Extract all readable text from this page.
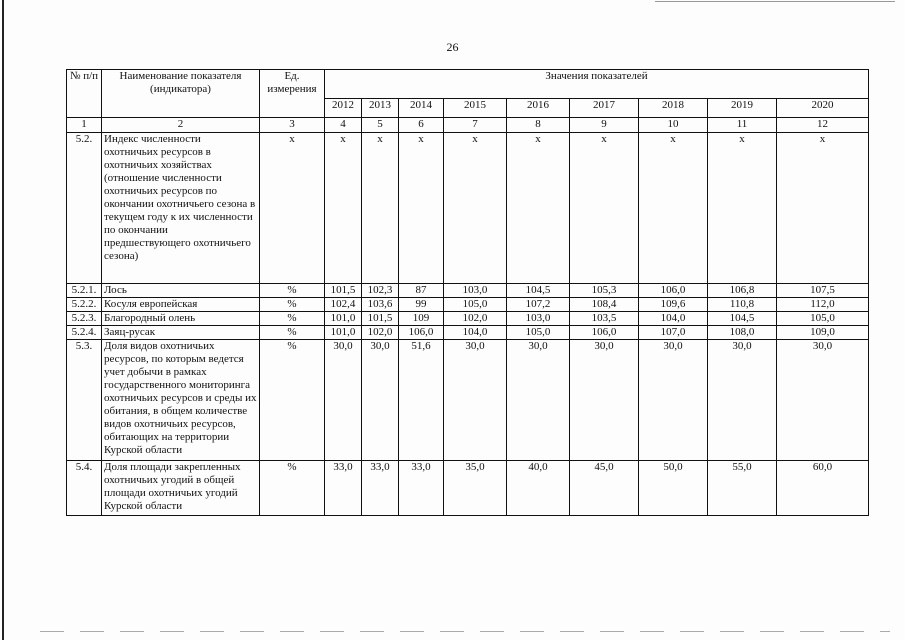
26
№ п/п	Наименование показателя (индикатора)	Ед. измерения	Значения показателей								
			2012	2013	2014	2015	2016	2017	2018	2019	2020
1	2	3	4	5	6	7	8	9	10	11	12
5.2.	Индекс численности охотничьих ресурсов в охотничьих хозяйствах (отношение численности охотничьих ресурсов по окончании охотничьего сезона в текущем году к их численности по окончании предшествующего охотничьего сезона)	x	x	x	x	x	x	x	x	x	x
5.2.1.	Лось	%	101,5	102,3	87	103,0	104,5	105,3	106,0	106,8	107,5
5.2.2.	Косуля европейская	%	102,4	103,6	99	105,0	107,2	108,4	109,6	110,8	112,0
5.2.3.	Благородный олень	%	101,0	101,5	109	102,0	103,0	103,5	104,0	104,5	105,0
5.2.4.	Заяц-русак	%	101,0	102,0	106,0	104,0	105,0	106,0	107,0	108,0	109,0
5.3.	Доля видов охотничьих ресурсов, по которым ведется учет добычи в рамках государственного мониторинга охотничьих ресурсов и среды их обитания, в общем количестве видов охотничьих ресурсов, обитающих на территории Курской области	%	30,0	30,0	51,6	30,0	30,0	30,0	30,0	30,0	30,0
5.4.	Доля площади закрепленных охотничьих угодий в общей площади охотничьих угодий Курской области	%	33,0	33,0	33,0	35,0	40,0	45,0	50,0	55,0	60,0
